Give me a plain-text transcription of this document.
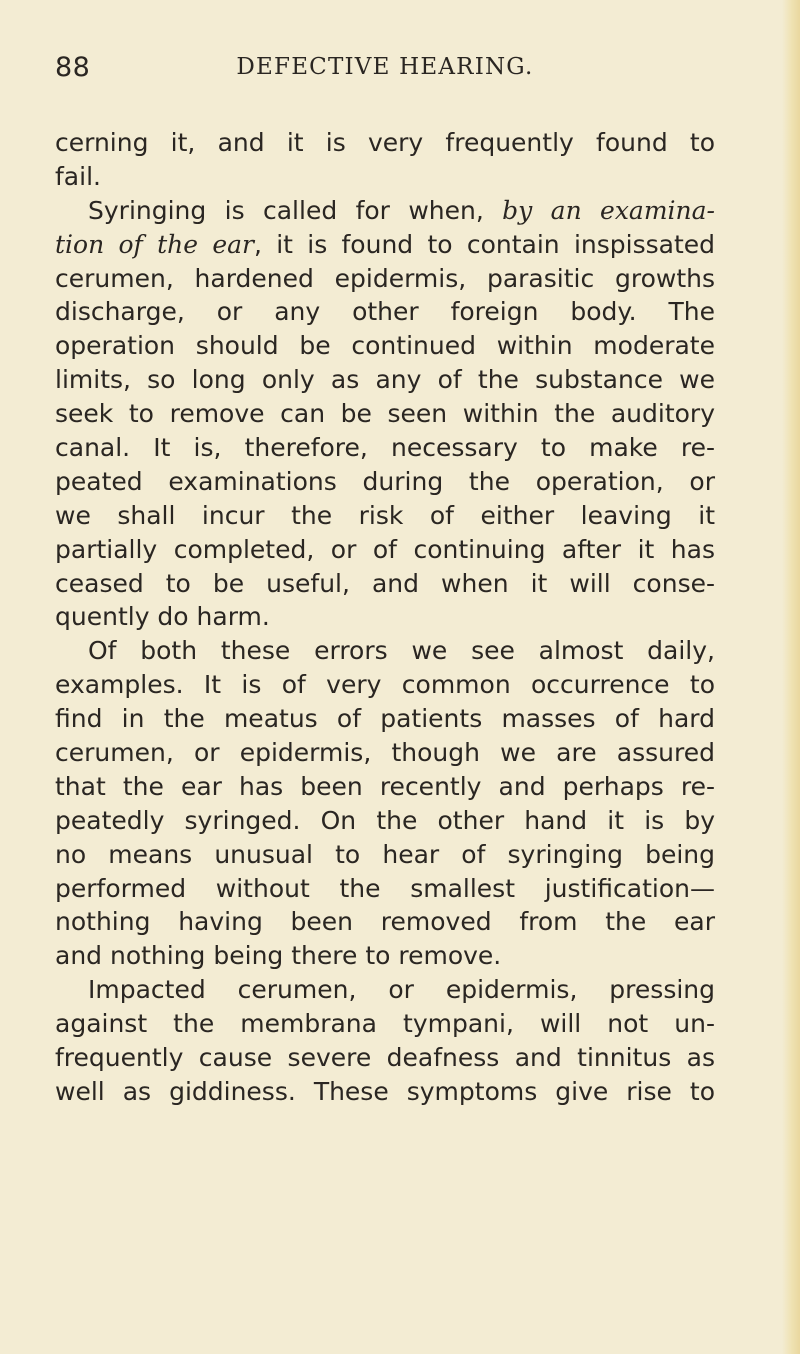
88	DEFECTIVE HEARING.
cerning it, and it is very frequently found to
fail.
Syringing is called for when, by an examina-
tion of the ear, it is found to contain inspissated
cerumen, hardened epidermis, parasitic growths
discharge, or any other foreign body. The
operation should be continued within moderate
limits, so long only as any of the substance we
seek to remove can be seen within the auditory
canal. It is, therefore, necessary to make re-
peated examinations during the operation, or
we shall incur the risk of either leaving it
partially completed, or of continuing after it has
ceased to be useful, and when it will conse-
quently do harm.
Of both these errors we see almost daily,
examples. It is of very common occurrence to
find in the meatus of patients masses of hard
cerumen, or epidermis, though we are assured
that the ear has been recently and perhaps re-
peatedly syringed. On the other hand it is by
no means unusual to hear of syringing being
performed without the smallest justification—
nothing having been removed from the ear
and nothing being there to remove.
Impacted cerumen, or epidermis, pressing
against the membrana tympani, will not un-
frequently cause severe deafness and tinnitus as
well as giddiness. These symptoms give rise to
